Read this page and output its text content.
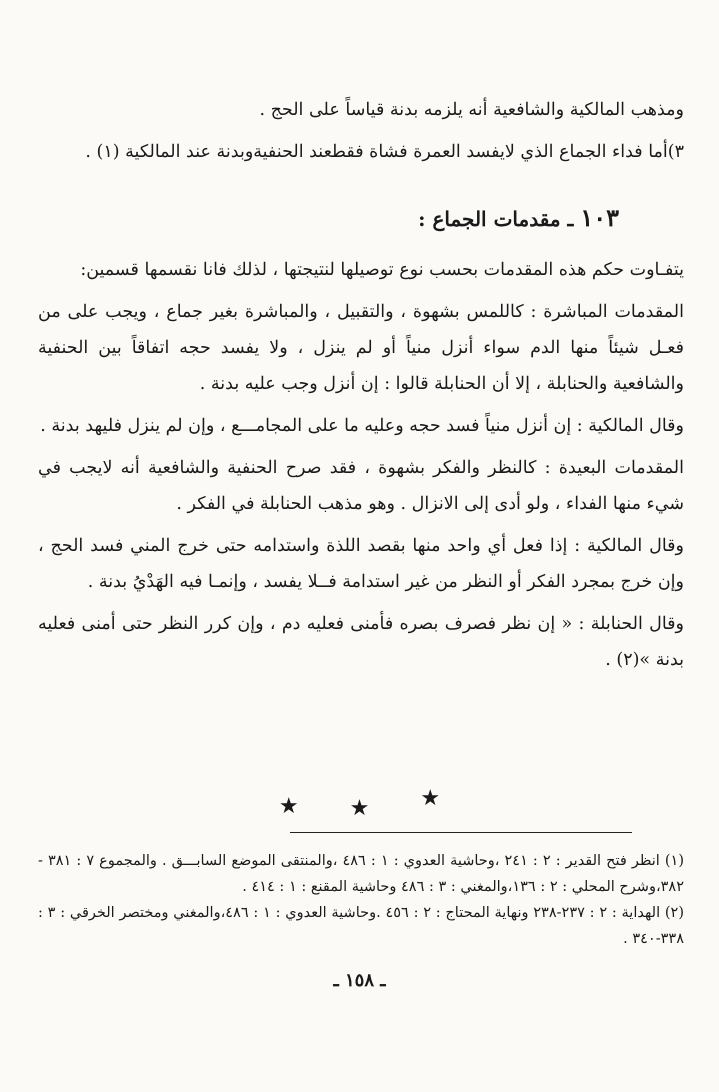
ومذهب المالكية والشافعية أنه يلزمه بدنة قياساً على الحج .

٣)أما فداء الجماع الذي لايفسد العمرة فشاة فقطعند الحنفيةوبدنة عند المالكية (١) .

١٠٣ ـ مقدمات الجماع :

يتفـاوت حكم هذه المقدمات بحسب نوع توصيلها لنتيجتها ، لذلك فانا نقسمها قسمين:

المقدمات المباشرة : كاللمس بشهوة ، والتقبيل ، والمباشرة بغير جماع ، ويجب على من فعـل شيئاً منها الدم سواء أنزل منياً أو لم ينزل ، ولا يفسد حجه اتفاقاً بين الحنفية والشافعية والحنابلة ، إلا أن الحنابلة قالوا : إن أنزل وجب عليه بدنة .

وقال المالكية : إن أنزل منياً فسد حجه وعليه ما على المجامـــع ، وإن لم ينزل فليهد بدنة .

المقدمات البعيدة : كالنظر والفكر بشهوة ، فقد صرح الحنفية والشافعية أنه لايجب في شيء منها الفداء ، ولو أدى إلى الانزال . وهو مذهب الحنابلة في الفكر .

وقال المالكية : إذا فعل أي واحد منها بقصد اللذة واستدامه حتى خرج المني فسد الحج ، وإن خرج بمجرد الفكر أو النظر من غير استدامة فــلا يفسد ، وإنمـا فيه الهَدْيُ بدنة .

وقال الحنابلة : « إن نظر فصرف بصره فأمنى فعليه دم ، وإن كرر النظر حتى أمنى فعليه بدنة »(٢) .

★ ★ ★

(١) انظر فتح القدير : ٢ : ٢٤١ ،وحاشية العدوي : ١ : ٤٨٦ ،والمنتقى الموضع السابـــق . والمجموع ٧ : ٣٨١ - ٣٨٢،وشرح المحلي : ٢ : ١٣٦،والمغني : ٣ : ٤٨٦ وحاشية المقنع : ١ : ٤١٤ .

(٢) الهداية : ٢ : ٢٣٧-٢٣٨ ونهاية المحتاج : ٢ : ٤٥٦ .وحاشية العدوي : ١ : ٤٨٦،والمغني ومختصر الخرقي : ٣ : ٣٣٨-٣٤٠ .

ـ ١٥٨ ـ
